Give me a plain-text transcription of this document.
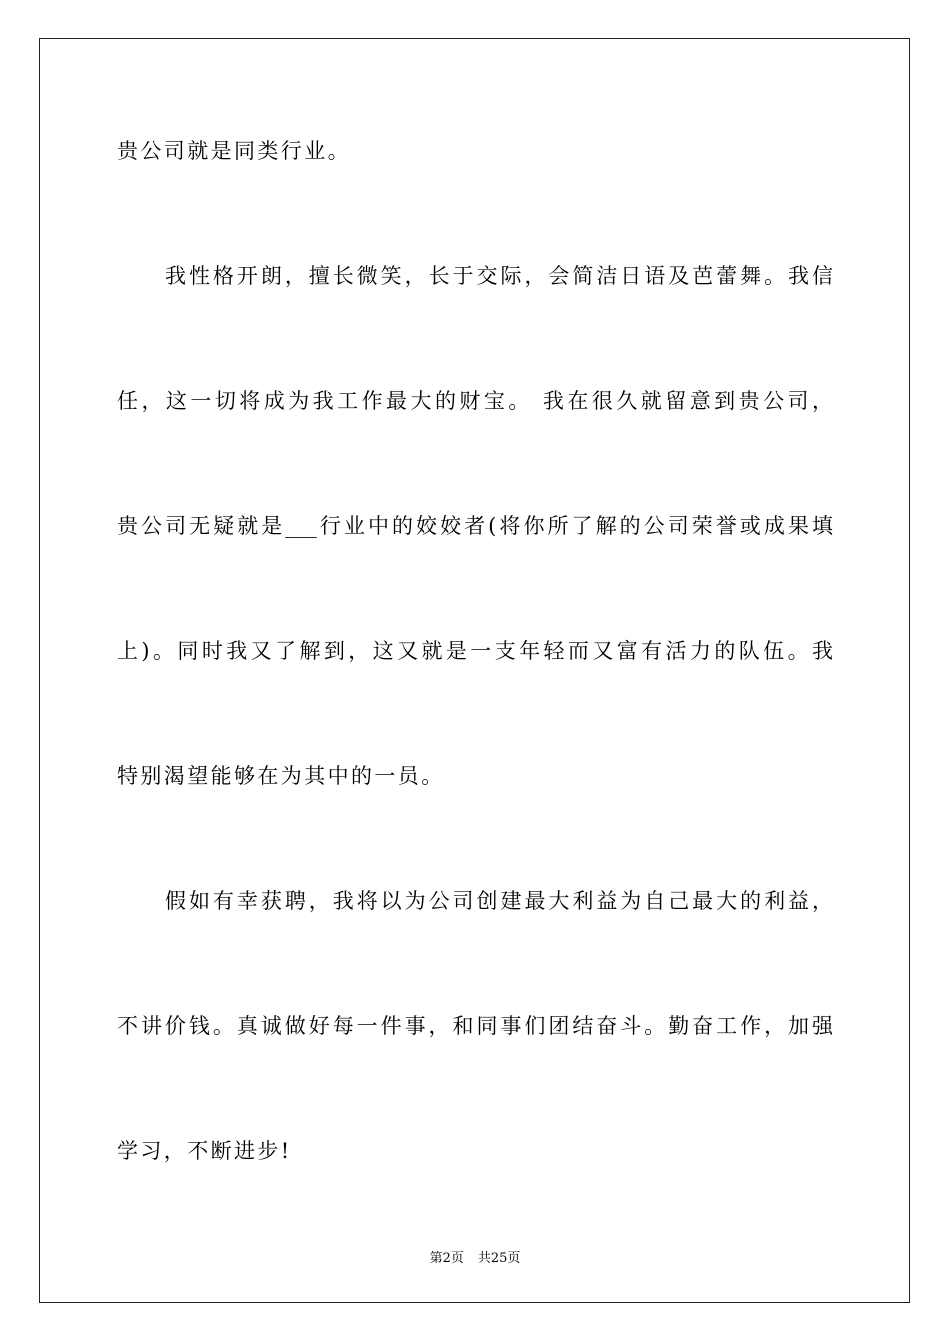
贵公司就是同类行业。

我性格开朗，擅长微笑，长于交际，会简洁日语及芭蕾舞。我信

任，这一切将成为我工作最大的财宝。 我在很久就留意到贵公司，

贵公司无疑就是___行业中的姣姣者(将你所了解的公司荣誉或成果填

上)。同时我又了解到，这又就是一支年轻而又富有活力的队伍。我

特别渴望能够在为其中的一员。

假如有幸获聘，我将以为公司创建最大利益为自己最大的利益，

不讲价钱。真诚做好每一件事，和同事们团结奋斗。勤奋工作，加强

学习，不断进步!

第2页 共25页
